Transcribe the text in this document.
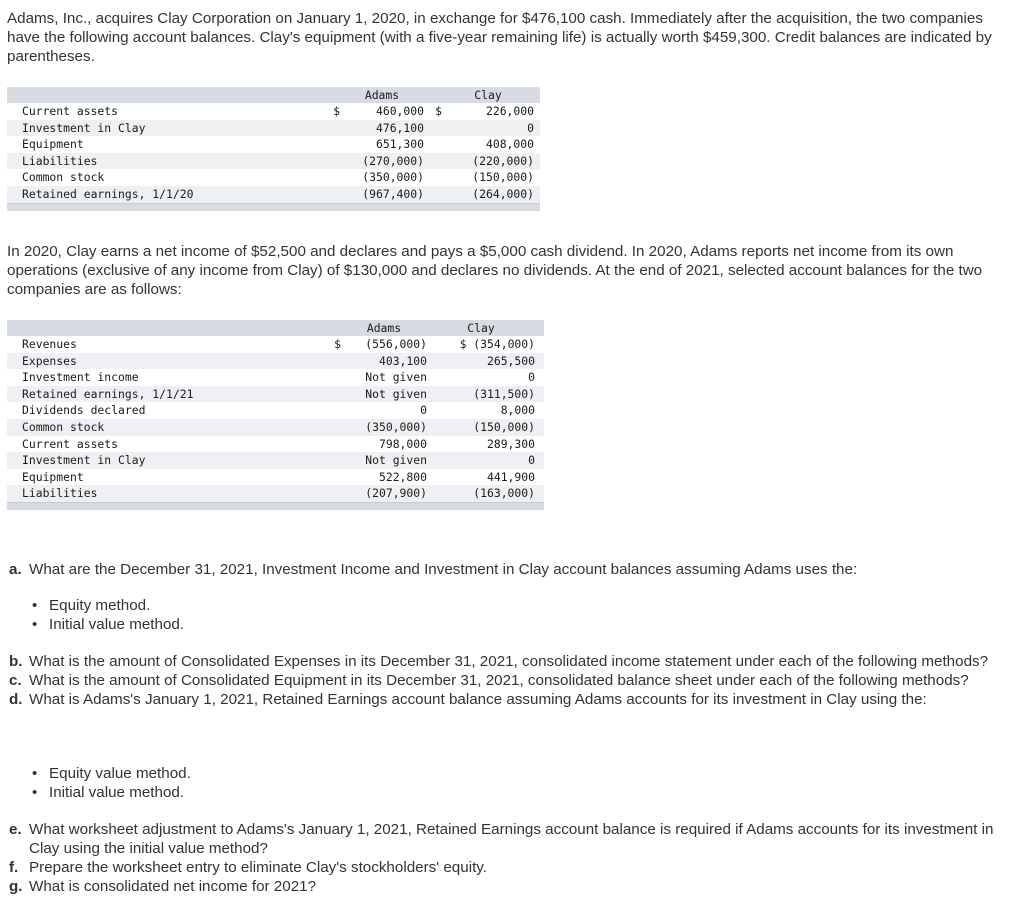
Adams, Inc., acquires Clay Corporation on January 1, 2020, in exchange for $476,100 cash. Immediately after the acquisition, the two companies have the following account balances. Clay's equipment (with a five-year remaining life) is actually worth $459,300. Credit balances are indicated by parentheses.

		Adams		Clay	
Current assets	$	460,000	$	226,000	
Investment in Clay		476,100		0	
Equipment		651,300		408,000	
Liabilities		(270,000)		(220,000)	
Common stock		(350,000)		(150,000)	
Retained earnings, 1/1/20		(967,400)		(264,000)	

In 2020, Clay earns a net income of $52,500 and declares and pays a $5,000 cash dividend. In 2020, Adams reports net income from its own operations (exclusive of any income from Clay) of $130,000 and declares no dividends. At the end of 2021, selected account balances for the two companies are as follows:

		Adams	Clay	
Revenues	$	(556,000)	$ (354,000)	
Expenses		403,100	265,500	
Investment income		Not given	0	
Retained earnings, 1/1/21		Not given	(311,500)	
Dividends declared		0	8,000	
Common stock		(350,000)	(150,000)	
Current assets		798,000	289,300	
Investment in Clay		Not given	0	
Equipment		522,800	441,900	
Liabilities		(207,900)	(163,000)	

a. What are the December 31, 2021, Investment Income and Investment in Clay account balances assuming Adams uses the:
• Equity method.
• Initial value method.
b. What is the amount of Consolidated Expenses in its December 31, 2021, consolidated income statement under each of the following methods?
c. What is the amount of Consolidated Equipment in its December 31, 2021, consolidated balance sheet under each of the following methods?
d. What is Adams's January 1, 2021, Retained Earnings account balance assuming Adams accounts for its investment in Clay using the:
• Equity value method.
• Initial value method.
e. What worksheet adjustment to Adams's January 1, 2021, Retained Earnings account balance is required if Adams accounts for its investment in Clay using the initial value method?
f. Prepare the worksheet entry to eliminate Clay's stockholders' equity.
g. What is consolidated net income for 2021?
